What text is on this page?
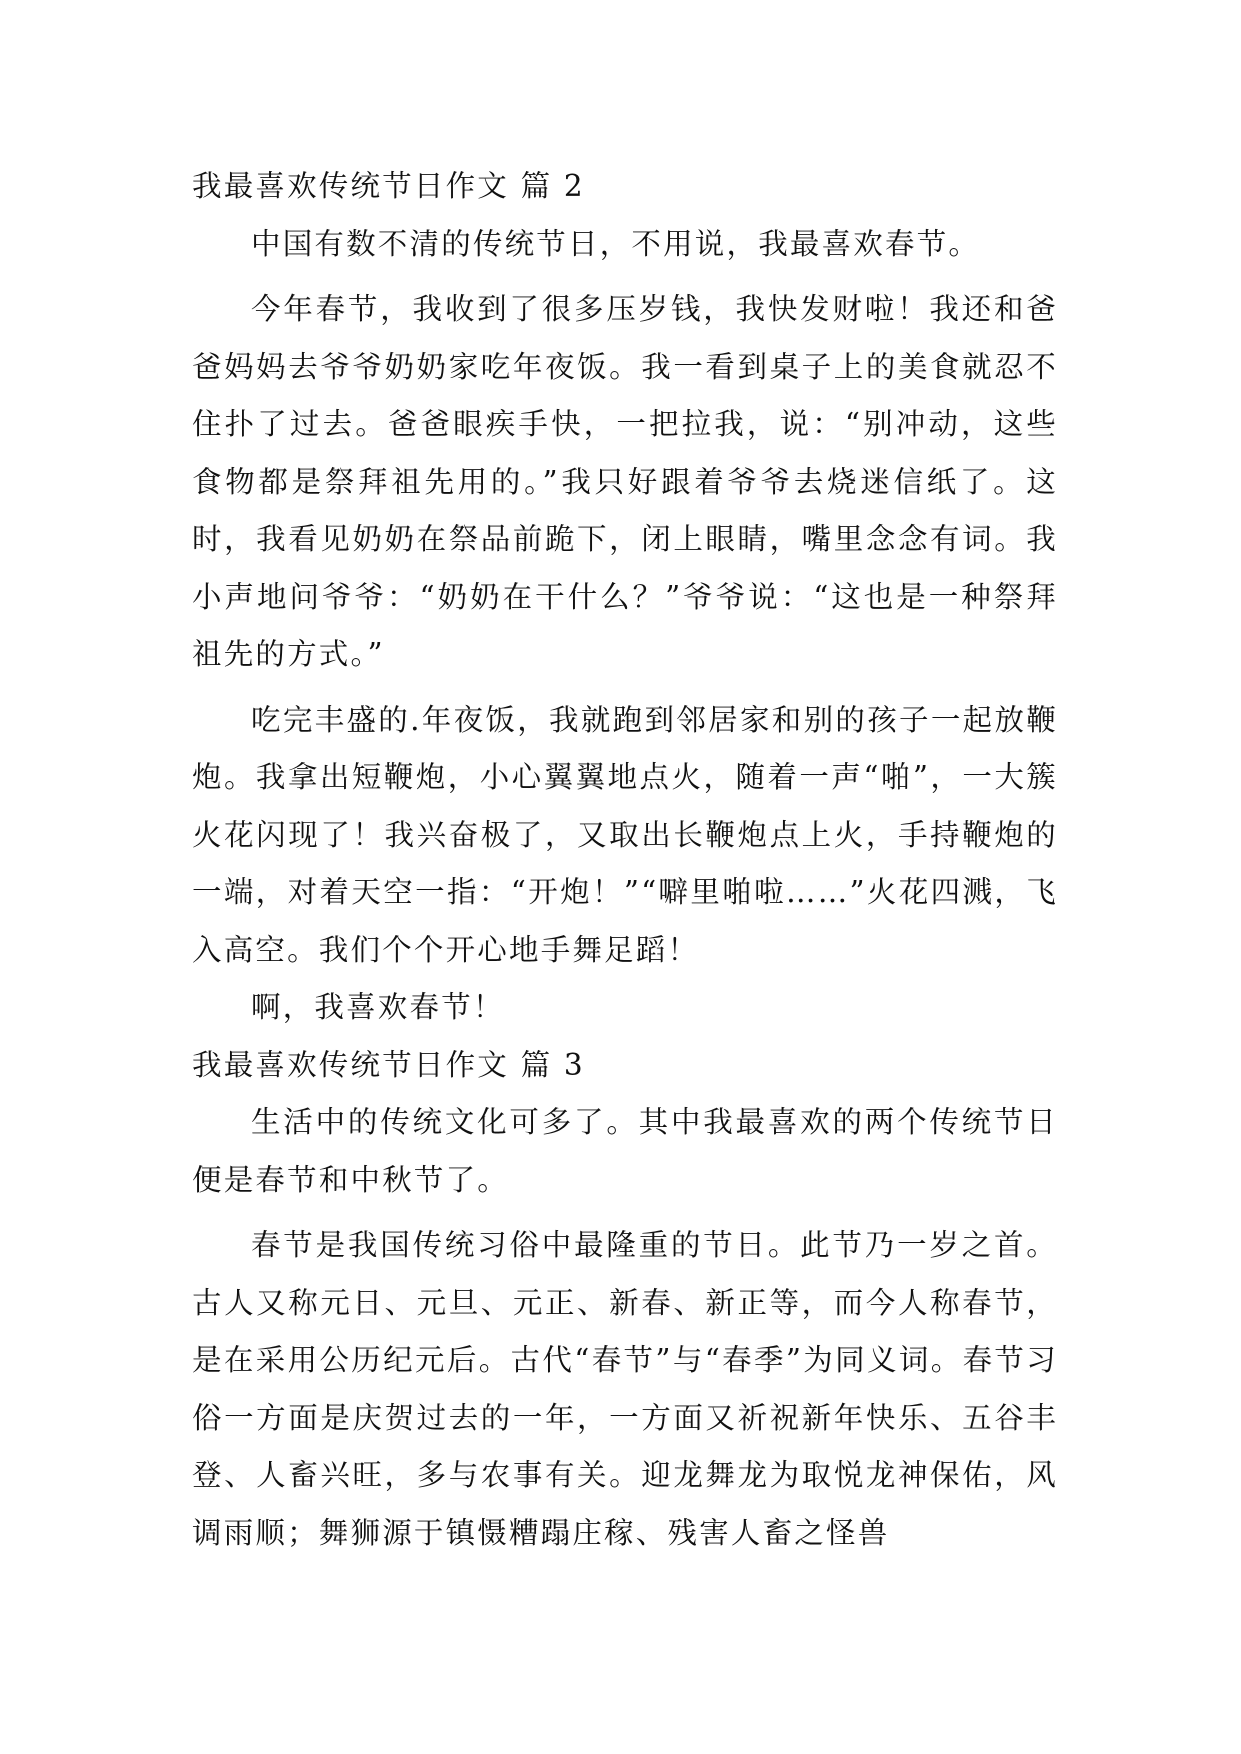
我最喜欢传统节日作文 篇 2

中国有数不清的传统节日，不用说，我最喜欢春节。

今年春节，我收到了很多压岁钱，我快发财啦！我还和爸爸妈妈去爷爷奶奶家吃年夜饭。我一看到桌子上的美食就忍不住扑了过去。爸爸眼疾手快，一把拉我，说：“别冲动，这些食物都是祭拜祖先用的。”我只好跟着爷爷去烧迷信纸了。这时，我看见奶奶在祭品前跪下，闭上眼睛，嘴里念念有词。我小声地问爷爷：“奶奶在干什么？”爷爷说：“这也是一种祭拜祖先的方式。”

吃完丰盛的.年夜饭，我就跑到邻居家和别的孩子一起放鞭炮。我拿出短鞭炮，小心翼翼地点火，随着一声“啪”，一大簇火花闪现了！我兴奋极了，又取出长鞭炮点上火，手持鞭炮的一端，对着天空一指：“开炮！”“噼里啪啦……”火花四溅，飞入高空。我们个个开心地手舞足蹈！

啊，我喜欢春节！

我最喜欢传统节日作文 篇 3

生活中的传统文化可多了。其中我最喜欢的两个传统节日便是春节和中秋节了。

春节是我国传统习俗中最隆重的节日。此节乃一岁之首。古人又称元日、元旦、元正、新春、新正等，而今人称春节，是在采用公历纪元后。古代“春节”与“春季”为同义词。春节习俗一方面是庆贺过去的一年，一方面又祈祝新年快乐、五谷丰登、人畜兴旺，多与农事有关。迎龙舞龙为取悦龙神保佑，风调雨顺；舞狮源于镇慑糟蹋庄稼、残害人畜之怪兽
